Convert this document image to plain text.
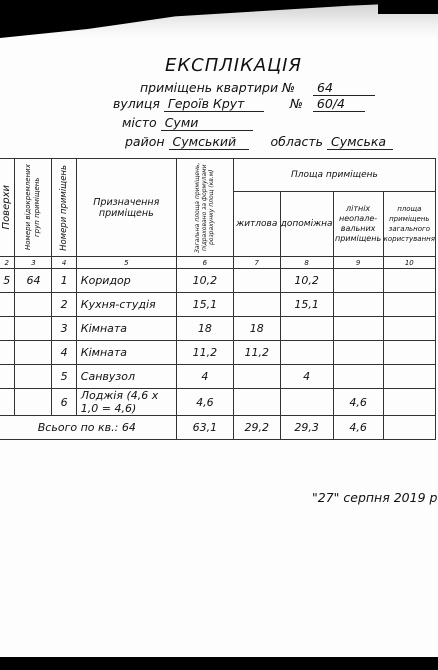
ЕКСПЛІКАЦІЯ
приміщень квартири № 64
вулиця Героїв Крут	№ 60/4
місто Суми
район Сумський	область Сумська
Поверхи	Номери відокремлених груп приміщень	Номери приміщень	Призначення приміщень	Загальна площа приміщень, підраховано за формулами розрахунку площ (кв.м)	Площа приміщень			
					житлова	допоміжна	літніх неопале-вальних приміщень	площа приміщень загального користування
2	3	4	5	6	7	8	9	10
5	64	1	Коридор	10,2		10,2		
		2	Кухня-студія	15,1		15,1		
		3	Кімната	18	18			
		4	Кімната	11,2	11,2			
		5	Санвузол	4		4		
		6	Лоджія (4,6 x 1,0 = 4,6)	4,6			4,6	
Всього по кв.: 64				63,1	29,2	29,3	4,6	
"27" серпня 2019 р
